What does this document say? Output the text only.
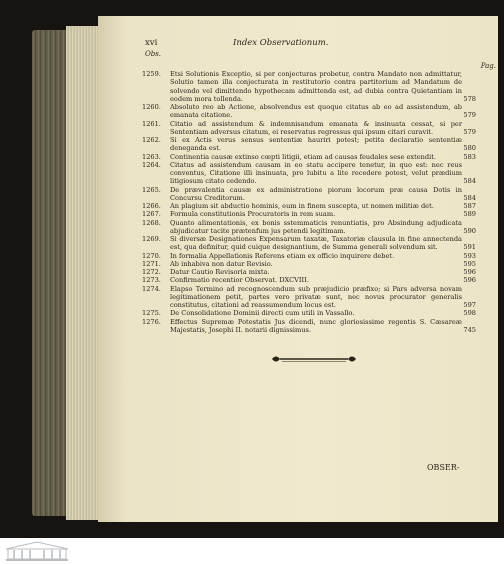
xvi	Index Observationum.
Obs.
Pag.
1259.	Etsi Solutionis Exceptio, si per conjecturas probetur, contra Mandato non admittatur, Solutio tamen illa conjecturata in restitutorio contra partitorium ad Mandatum de solvendo vel dimittendo hypothecam admittenda est, ad dubia contra Quietantiam in eodem mora tollenda.	578
1260.	Absoluto reo ab Actione, absolvendus est quoque citatus ab eo ad assistendum, ab emanata citatione.	579
1261.	Citatio ad assistendum & indemnisandum emanata & insinuata cessat, si per Sententiam adversus citatum, ei reservatus regressus qui ipsum citari curavit.	579
1262.	Si ex Actis verus sensus sententiæ hauriri potest; petita declaratio sententiæ deneganda est.	580
1263.	Continentia causæ extinso cœpti litigii, etiam ad causas feudales sese extendit.	583
1264.	Citatus ad assistendum causam in eo statu accipere tenetur, in quo est: nec reus conventus, Citatione illi insinuata, pro lubitu a lite recedere potest, velut prædium litigiosum citato cedendo.	584
1265.	De prævalentia causæ ex administratione piorum locorum præ causa Dotis in Concursu Creditorum.	584
1266.	An plagium sit abductio hominis, eum in finem suscepta, ut nomen militiæ det.	587
1267.	Formula constitutionis Procuratoris in rem suam.	589
1268.	Quanto alimentationis, ex bonis sstemmaticis renuntiatis, pro Absindung adjudicata abjudicatur tacite prætenfum jus petendi legitimam.	590
1269.	Si diversæ Designationes Expensarum taxatæ, Taxatoriæ clausula in fine annectenda est, qua definitur, quid cuique designantium, de Summa generali solvendum sit.	591
1270.	In formalia Appellationis Referens etiam ex officio inquirere debet.	593
1271.	Ab inhabiva non datur Revisio.	595
1272.	Datur Cautio Revisoria mixta.	596
1273.	Confirmatio recentior Observat. DXCVIII.	596
1274.	Elapso Termino ad recognoscendum sub præjudicio præfixo; si Pars adversa novam legitimationem petit, partes vero privatæ sunt, nec novus procurator generalis constitutus, citationi ad reassumendum locus est.	597
1275.	De Consolidatione Dominii directi cum utili in Vassallo.	598
1276.	Effectus Supremæ Potestatis Jus dicendi, nunc gloriosissime regentis S. Cæsareæ Majestatis, Josephi II. notarii dignissimus.	745
OBSER-
